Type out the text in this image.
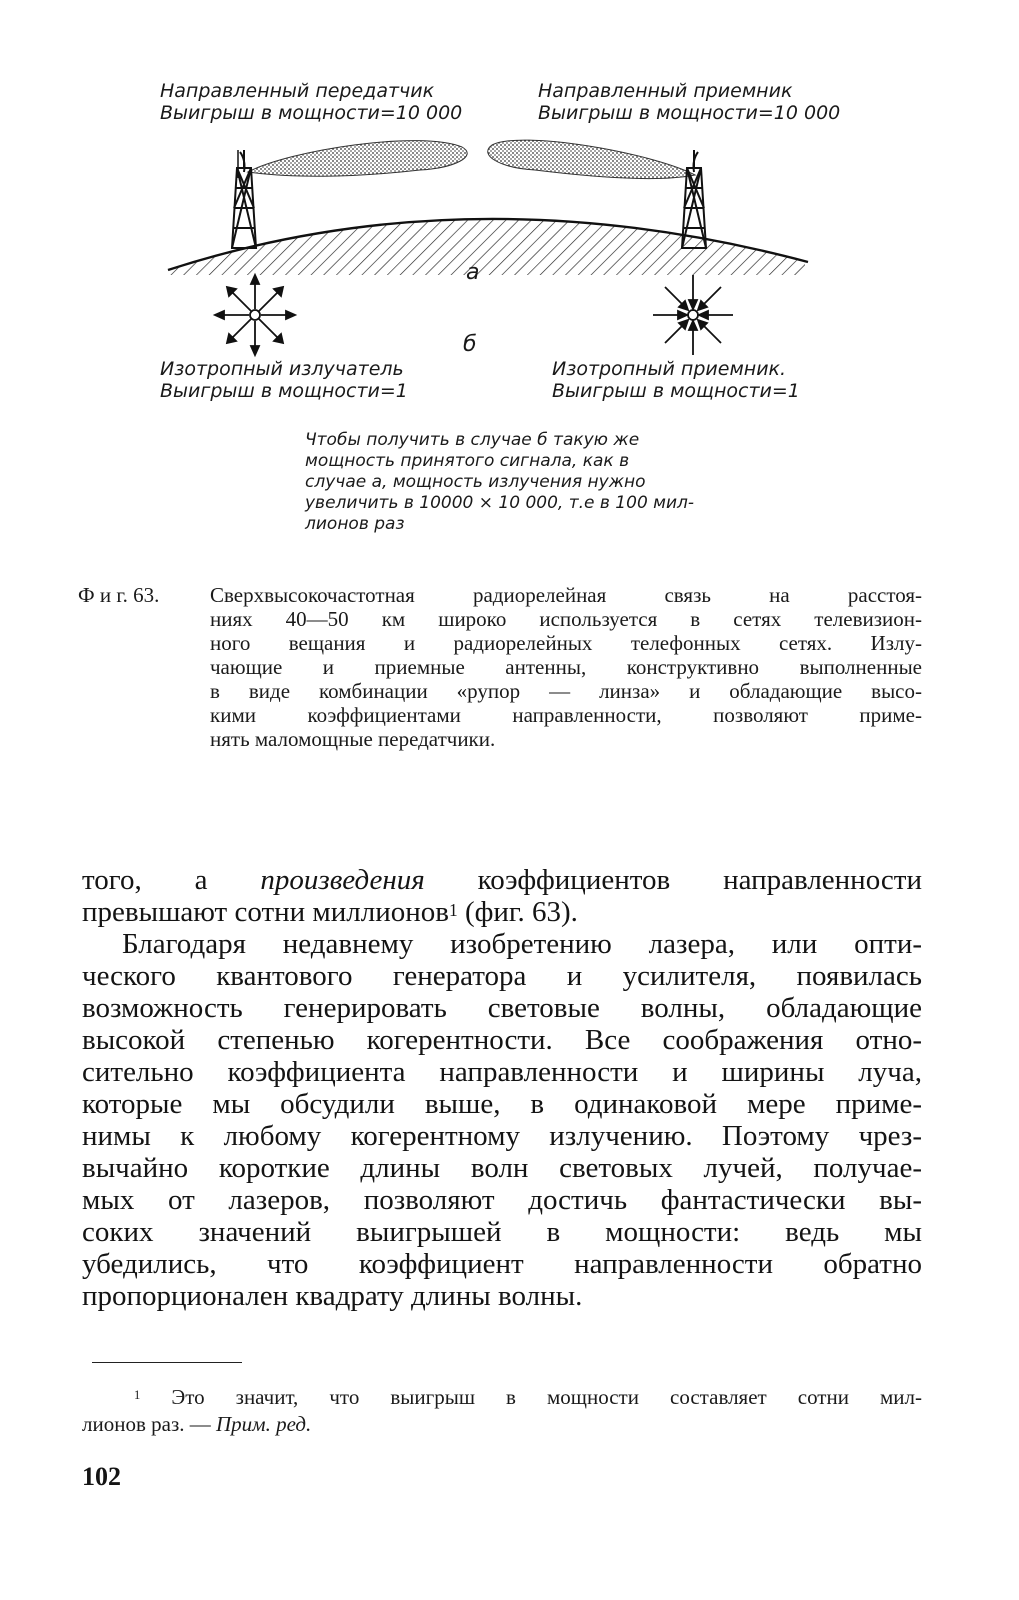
Направленный передатчик
Выигрыш в мощности=10 000
Направленный приемник
Выигрыш в мощности=10 000
а
б
Изотропный излучатель
Выигрыш в мощности=1
Изотропный приемник.
Выигрыш в мощности=1
Чтобы получить в случае б такую же
мощность принятого сигнала, как в
случае а, мощность излучения нужно
увеличить в 10000 × 10 000, т.е в 100 мил-
лионов раз
Ф и г. 63. Сверхвысокочастотная радиорелейная связь на расстоя-
ниях 40—50 км широко используется в сетях телевизион-
ного вещания и радиорелейных телефонных сетях. Излу-
чающие и приемные антенны, конструктивно выполненные
в виде комбинации «рупор — линза» и обладающие высо-
кими коэффициентами направленности, позволяют приме-
нять маломощные передатчики.
того, а произведения коэффициентов направленности
превышают сотни миллионов$^1$ (фиг. 63).
Благодаря недавнему изобретению лазера, или опти-
ческого квантового генератора и усилителя, появилась
возможность генерировать световые волны, обладающие
высокой степенью когерентности. Все соображения отно-
сительно коэффициента направленности и ширины луча,
которые мы обсудили выше, в одинаковой мере приме-
нимы к любому когерентному излучению. Поэтому чрез-
вычайно короткие длины волн световых лучей, получае-
мых от лазеров, позволяют достичь фантастически вы-
соких значений выигрышей в мощности: ведь мы
убедились, что коэффициент направленности обратно
пропорционален квадрату длины волны.
$^1$ Это значит, что выигрыш в мощности составляет сотни мил-
лионов раз. — Прим. ред.
102
